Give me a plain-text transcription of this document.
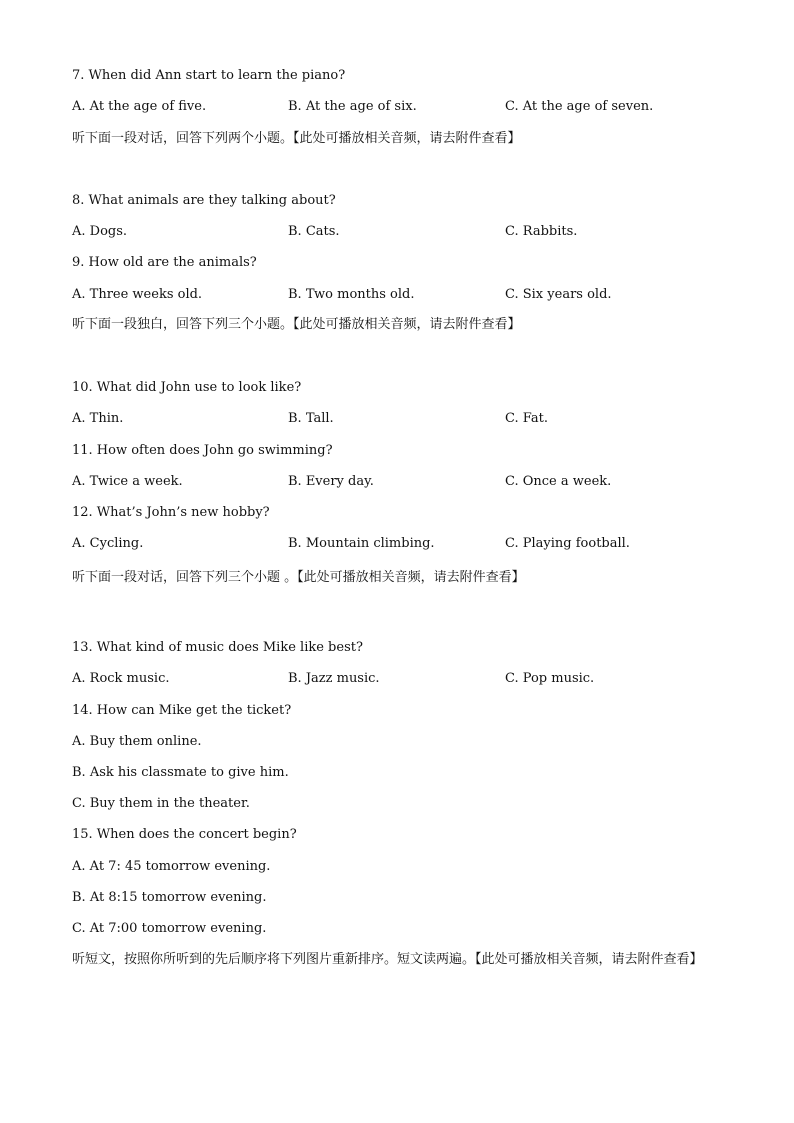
7. When did Ann start to learn the piano?
A. At the age of five.	B. At the age of six.	C. At the age of seven.
听下面一段对话，回答下列两个小题。【此处可播放相关音频，请去附件查看】
8. What animals are they talking about?
A. Dogs.	B. Cats.	C. Rabbits.
9. How old are the animals?
A. Three weeks old.	B. Two months old.	C. Six years old.
听下面一段独白，回答下列三个小题。【此处可播放相关音频，请去附件查看】
10. What did John use to look like?
A. Thin.	B. Tall.	C. Fat.
11. How often does John go swimming?
A. Twice a week.	B. Every day.	C. Once a week.
12. What’s John’s new hobby?
A. Cycling.	B. Mountain climbing.	C. Playing football.
听下面一段对话，回答下列三个小题 。【此处可播放相关音频，请去附件查看】
13. What kind of music does Mike like best?
A. Rock music.	B. Jazz music.	C. Pop music.
14. How can Mike get the ticket?
A. Buy them online.
B. Ask his classmate to give him.
C. Buy them in the theater.
15. When does the concert begin?
A. At 7: 45 tomorrow evening.
B. At 8:15 tomorrow evening.
C. At 7:00 tomorrow evening.
听短文，按照你所听到的先后顺序将下列图片重新排序。短文读两遍。【此处可播放相关音频，请去附件查看】
